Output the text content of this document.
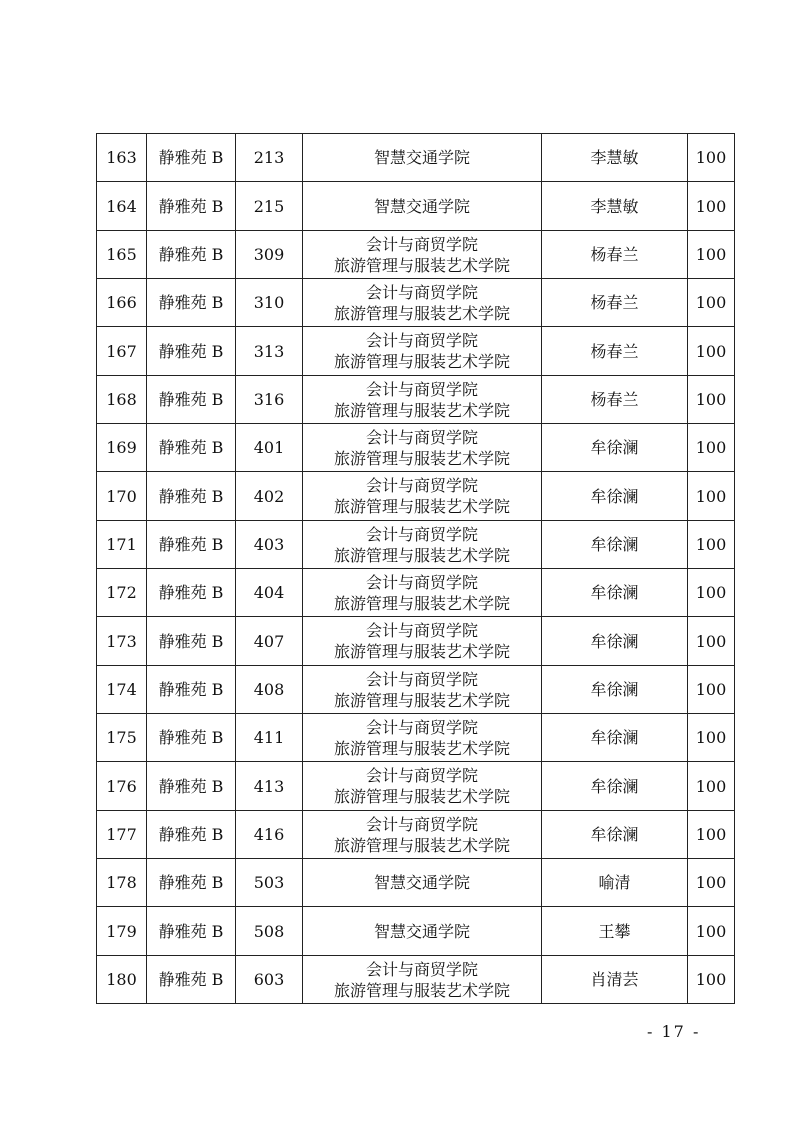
163	静雅苑 B	213	智慧交通学院	李慧敏	100
164	静雅苑 B	215	智慧交通学院	李慧敏	100
165	静雅苑 B	309	会计与商贸学院
旅游管理与服装艺术学院	杨春兰	100
166	静雅苑 B	310	会计与商贸学院
旅游管理与服装艺术学院	杨春兰	100
167	静雅苑 B	313	会计与商贸学院
旅游管理与服装艺术学院	杨春兰	100
168	静雅苑 B	316	会计与商贸学院
旅游管理与服装艺术学院	杨春兰	100
169	静雅苑 B	401	会计与商贸学院
旅游管理与服装艺术学院	牟徐澜	100
170	静雅苑 B	402	会计与商贸学院
旅游管理与服装艺术学院	牟徐澜	100
171	静雅苑 B	403	会计与商贸学院
旅游管理与服装艺术学院	牟徐澜	100
172	静雅苑 B	404	会计与商贸学院
旅游管理与服装艺术学院	牟徐澜	100
173	静雅苑 B	407	会计与商贸学院
旅游管理与服装艺术学院	牟徐澜	100
174	静雅苑 B	408	会计与商贸学院
旅游管理与服装艺术学院	牟徐澜	100
175	静雅苑 B	411	会计与商贸学院
旅游管理与服装艺术学院	牟徐澜	100
176	静雅苑 B	413	会计与商贸学院
旅游管理与服装艺术学院	牟徐澜	100
177	静雅苑 B	416	会计与商贸学院
旅游管理与服装艺术学院	牟徐澜	100
178	静雅苑 B	503	智慧交通学院	喻清	100
179	静雅苑 B	508	智慧交通学院	王攀	100
180	静雅苑 B	603	会计与商贸学院
旅游管理与服装艺术学院	肖清芸	100
- 17 -
